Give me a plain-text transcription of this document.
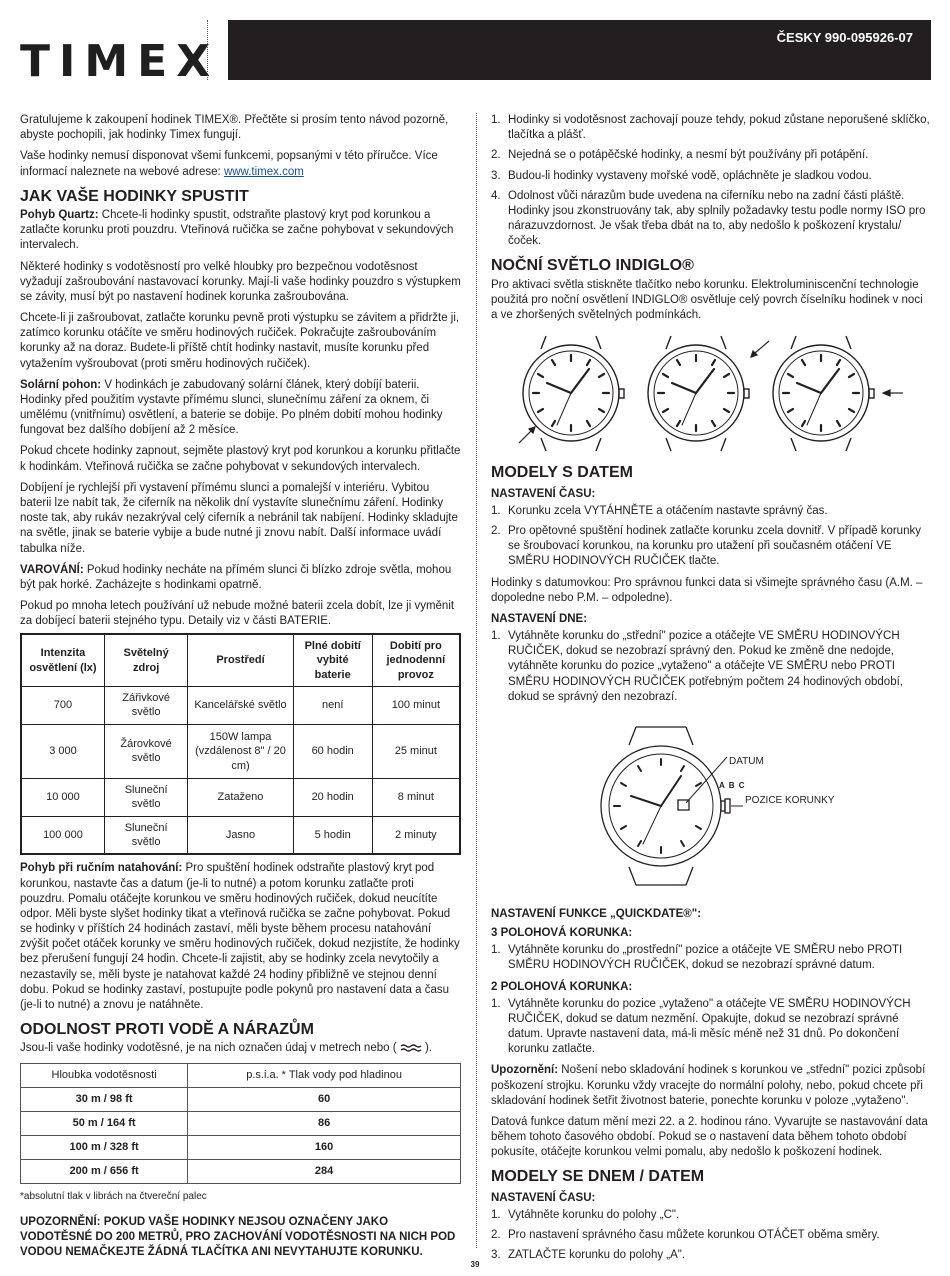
TIMEX	ČESKY 990-095926-07

Gratulujeme k zakoupení hodinek TIMEX®. Přečtěte si prosím tento návod pozorně, abyste pochopili, jak hodinky Timex fungují.

Vaše hodinky nemusí disponovat všemi funkcemi, popsanými v této příručce. Více informací naleznete na webové adrese: www.timex.com

JAK VAŠE HODINKY SPUSTIT

Pohyb Quartz: Chcete-li hodinky spustit, odstraňte plastový kryt pod korunkou a zatlačte korunku proti pouzdru. Vteřinová ručička se začne pohybovat v sekundových intervalech.

Některé hodinky s vodotěsností pro velké hloubky pro bezpečnou vodotěsnost vyžadují zašroubování nastavovací korunky. Mají-li vaše hodinky pouzdro s výstupkem se závity, musí být po nastavení hodinek korunka zašroubována.

Chcete-li ji zašroubovat, zatlačte korunku pevně proti výstupku se závitem a přidržte ji, zatímco korunku otáčíte ve směru hodinových ručiček. Pokračujte zašroubováním korunky až na doraz. Budete-li příště chtít hodinky nastavit, musíte korunku před vytažením vyšroubovat (proti směru hodinových ručiček).

Solární pohon: V hodinkách je zabudovaný solární článek, který dobíjí baterii. Hodinky před použitím vystavte přímému slunci, slunečnímu záření za oknem, či umělému (vnitřnímu) osvětlení, a baterie se dobije. Po plném dobití mohou hodinky fungovat bez dalšího dobíjení až 2 měsíce.

Pokud chcete hodinky zapnout, sejměte plastový kryt pod korunkou a korunku přitlačte k hodinkám. Vteřinová ručička se začne pohybovat v sekundových intervalech.

Dobíjení je rychlejší při vystavení přímému slunci a pomalejší v interiéru. Vybitou baterii lze nabít tak, že ciferník na několik dní vystavíte slunečnímu záření. Hodinky noste tak, aby rukáv nezakrýval celý ciferník a nebránil tak nabíjení. Hodinky skladujte na světle, jinak se baterie vybije a bude nutné ji znovu nabít. Další informace uvádí tabulka níže.

VAROVÁNÍ: Pokud hodinky necháte na přímém slunci či blízko zdroje světla, mohou být pak horké. Zacházejte s hodinkami opatrně.

Pokud po mnoha letech používání už nebude možné baterii zcela dobít, lze ji vyměnit za dobíjecí baterii stejného typu. Detaily viz v části BATERIE.

Intenzita osvětlení (lx)	Světelný zdroj	Prostředí	Plné dobití vybité baterie	Dobití pro jednodenní provoz
700	Zářivkové světlo	Kancelářské světlo	není	100 minut
3 000	Žárovkové světlo	150W lampa (vzdálenost 8" / 20 cm)	60 hodin	25 minut
10 000	Sluneční světlo	Zataženo	20 hodin	8 minut
100 000	Sluneční světlo	Jasno	5 hodin	2 minuty

Pohyb při ručním natahování: Pro spuštění hodinek odstraňte plastový kryt pod korunkou, nastavte čas a datum (je-li to nutné) a potom korunku zatlačte proti pouzdru. Pomalu otáčejte korunkou ve směru hodinových ručiček, dokud neucítíte odpor. Měli byste slyšet hodinky tikat a vteřinová ručička se začne pohybovat. Pokud se hodinky v příštích 24 hodinách zastaví, měli byste během procesu natahování zvýšit počet otáček korunky ve směru hodinových ručiček, dokud nezjistíte, že hodinky bez přerušení fungují 24 hodin. Chcete-li zajistit, aby se hodinky zcela nevytočily a nezastavily se, měli byste je natahovat každé 24 hodiny přibližně ve stejnou denní dobu. Pokud se hodinky zastaví, postupujte podle pokynů pro nastavení data a času (je-li to nutné) a znovu je natáhněte.

ODOLNOST PROTI VODĚ A NÁRAZŮM

Jsou-li vaše hodinky vodotěsné, je na nich označen údaj v metrech nebo ( ).

Hloubka vodotěsnosti	p.s.i.a. * Tlak vody pod hladinou
30 m / 98 ft	60
50 m / 164 ft	86
100 m / 328 ft	160
200 m / 656 ft	284

*absolutní tlak v librách na čtvereční palec

UPOZORNĚNÍ: POKUD VAŠE HODINKY NEJSOU OZNAČENY JAKO VODOTĚSNÉ DO 200 METRŮ, PRO ZACHOVÁNÍ VODOTĚSNOSTI NA NICH POD VODOU NEMAČKEJTE ŽÁDNÁ TLAČÍTKA ANI NEVYTAHUJTE KORUNKU.

1. Hodinky si vodotěsnost zachovají pouze tehdy, pokud zůstane neporušené sklíčko, tlačítka a plášť.
2. Nejedná se o potápěčské hodinky, a nesmí být používány při potápění.
3. Budou-li hodinky vystaveny mořské vodě, opláchněte je sladkou vodou.
4. Odolnost vůči nárazům bude uvedena na ciferníku nebo na zadní části pláště. Hodinky jsou zkonstruovány tak, aby splnily požadavky testu podle normy ISO pro nárazuvzdornost. Je však třeba dbát na to, aby nedošlo k poškození krystalu/čoček.
NOČNÍ SVĚTLO INDIGLO®

Pro aktivaci světla stiskněte tlačítko nebo korunku. Elektroluminiscenční technologie použitá pro noční osvětlení INDIGLO® osvětluje celý povrch číselníku hodinek v noci a ve zhoršených světelných podmínkách.

MODELY S DATEM
NASTAVENÍ ČASU:
1. Korunku zcela VYTÁHNĚTE a otáčením nastavte správný čas.
2. Pro opětovné spuštění hodinek zatlačte korunku zcela dovnitř. V případě korunky se šroubovací korunkou, na korunku pro utažení při současném otáčení VE SMĚRU HODINOVÝCH RUČIČEK tlačte.

Hodinky s datumovkou: Pro správnou funkci data si všimejte správného času (A.M. – dopoledne nebo P.M. – odpoledne).

NASTAVENÍ DNE:
1. Vytáhněte korunku do „střední" pozice a otáčejte VE SMĚRU HODINOVÝCH RUČIČEK, dokud se nezobrazí správný den. Pokud ke změně dne nedojde, vytáhněte korunku do pozice „vytaženo" a otáčejte VE SMĚRU nebo PROTI SMĚRU HODINOVÝCH RUČIČEK potřebným počtem 24 hodinových období, dokud se správný den nezobrazí.
DATUM
A B C
POZICE KORUNKY
NASTAVENÍ FUNKCE „QUICKDATE®":
3 POLOHOVÁ KORUNKA:
1. Vytáhněte korunku do „prostřední" pozice a otáčejte VE SMĚRU nebo PROTI SMĚRU HODINOVÝCH RUČIČEK, dokud se nezobrazí správné datum.
2 POLOHOVÁ KORUNKA:
1. Vytáhněte korunku do pozice „vytaženo" a otáčejte VE SMĚRU HODINOVÝCH RUČIČEK, dokud se datum nezmění. Opakujte, dokud se nezobrazí správné datum. Upravte nastavení data, má-li měsíc méně než 31 dnů. Po dokončení korunku zatlačte.

Upozornění: Nošení nebo skladování hodinek s korunkou ve „střední" pozici způsobí poškození strojku. Korunku vždy vracejte do normální polohy, nebo, pokud chcete při skladování hodinek šetřit životnost baterie, ponechte korunku v poloze „vytaženo".

Datová funkce datum mění mezi 22. a 2. hodinou ráno. Vyvarujte se nastavování data během tohoto časového období. Pokud se o nastavení data během tohoto období pokusíte, otáčejte korunkou velmi pomalu, aby nedošlo k poškození hodinek.

MODELY SE DNEM / DATEM
NASTAVENÍ ČASU:
1. Vytáhněte korunku do polohy „C".
2. Pro nastavení správného času můžete korunkou OTÁČET oběma směry.
3. ZATLAČTE korunku do polohy „A".
39
